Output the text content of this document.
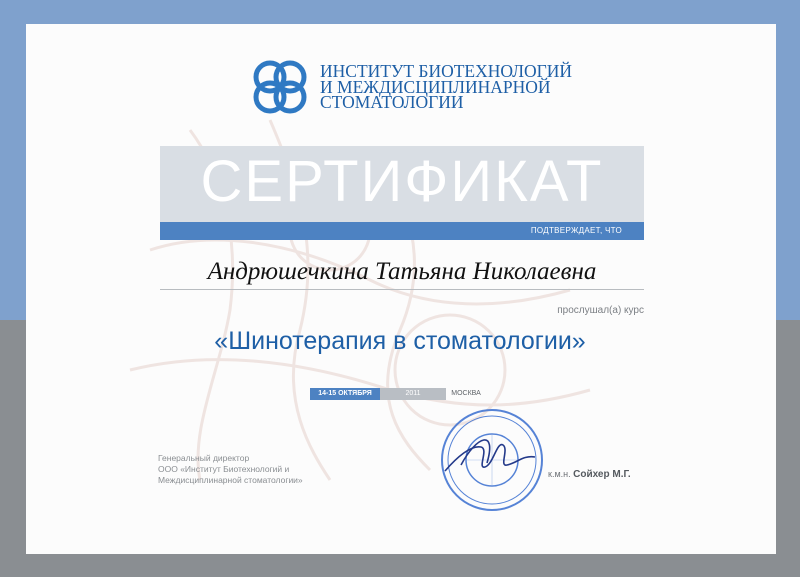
ИНСТИТУТ БИОТЕХНОЛОГИЙ
И МЕЖДИСЦИПЛИНАРНОЙ
СТОМАТОЛОГИИ
СЕРТИФИКАТ
ПОДТВЕРЖДАЕТ, ЧТО
Андрюшечкина Татьяна Николаевна
прослушал(а) курс
«Шинотерапия в стоматологии»
14-15 ОКТЯБРЯ	2011	МОСКВА
Генеральный директор
ООО «Институт Биотехнологий и
Междисциплинарной стоматологии»
к.м.н. Сойхер М.Г.
